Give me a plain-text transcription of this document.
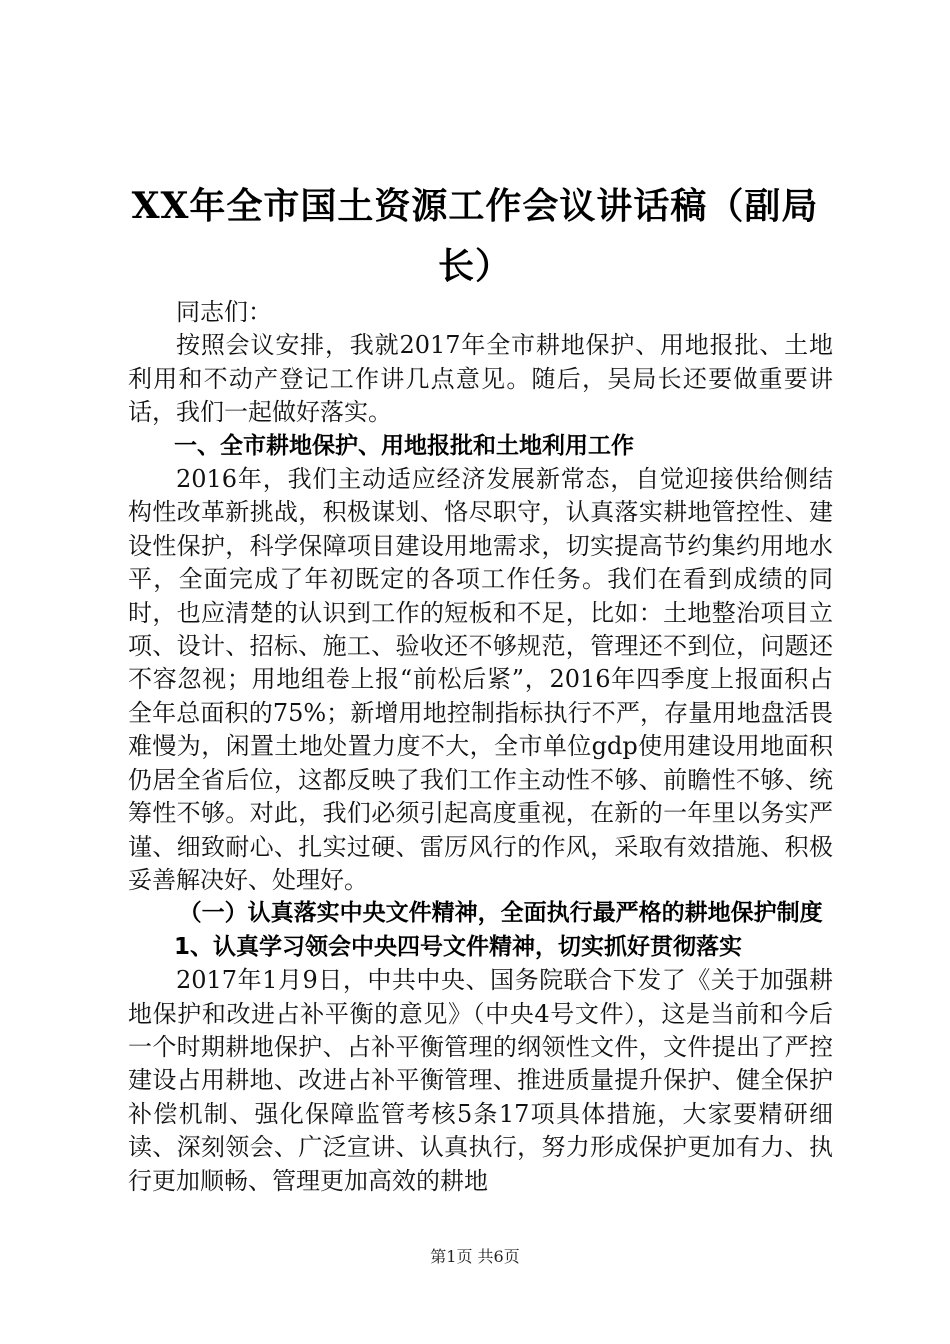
XX年全市国土资源工作会议讲话稿（副局长）

同志们：

按照会议安排，我就2017年全市耕地保护、用地报批、土地利用和不动产登记工作讲几点意见。随后，吴局长还要做重要讲话，我们一起做好落实。

一、全市耕地保护、用地报批和土地利用工作

2016年，我们主动适应经济发展新常态，自觉迎接供给侧结构性改革新挑战，积极谋划、恪尽职守，认真落实耕地管控性、建设性保护，科学保障项目建设用地需求，切实提高节约集约用地水平，全面完成了年初既定的各项工作任务。我们在看到成绩的同时，也应清楚的认识到工作的短板和不足，比如：土地整治项目立项、设计、招标、施工、验收还不够规范，管理还不到位，问题还不容忽视；用地组卷上报“前松后紧”，2016年四季度上报面积占全年总面积的75%；新增用地控制指标执行不严，存量用地盘活畏难慢为，闲置土地处置力度不大，全市单位gdp使用建设用地面积仍居全省后位，这都反映了我们工作主动性不够、前瞻性不够、统筹性不够。对此，我们必须引起高度重视，在新的一年里以务实严谨、细致耐心、扎实过硬、雷厉风行的作风，采取有效措施、积极妥善解决好、处理好。

（一）认真落实中央文件精神，全面执行最严格的耕地保护制度
1、认真学习领会中央四号文件精神，切实抓好贯彻落实

2017年1月9日，中共中央、国务院联合下发了《关于加强耕地保护和改进占补平衡的意见》（中央4号文件），这是当前和今后一个时期耕地保护、占补平衡管理的纲领性文件，文件提出了严控建设占用耕地、改进占补平衡管理、推进质量提升保护、健全保护补偿机制、强化保障监管考核5条17项具体措施，大家要精研细读、深刻领会、广泛宣讲、认真执行，努力形成保护更加有力、执行更加顺畅、管理更加高效的耕地

第1页 共6页
